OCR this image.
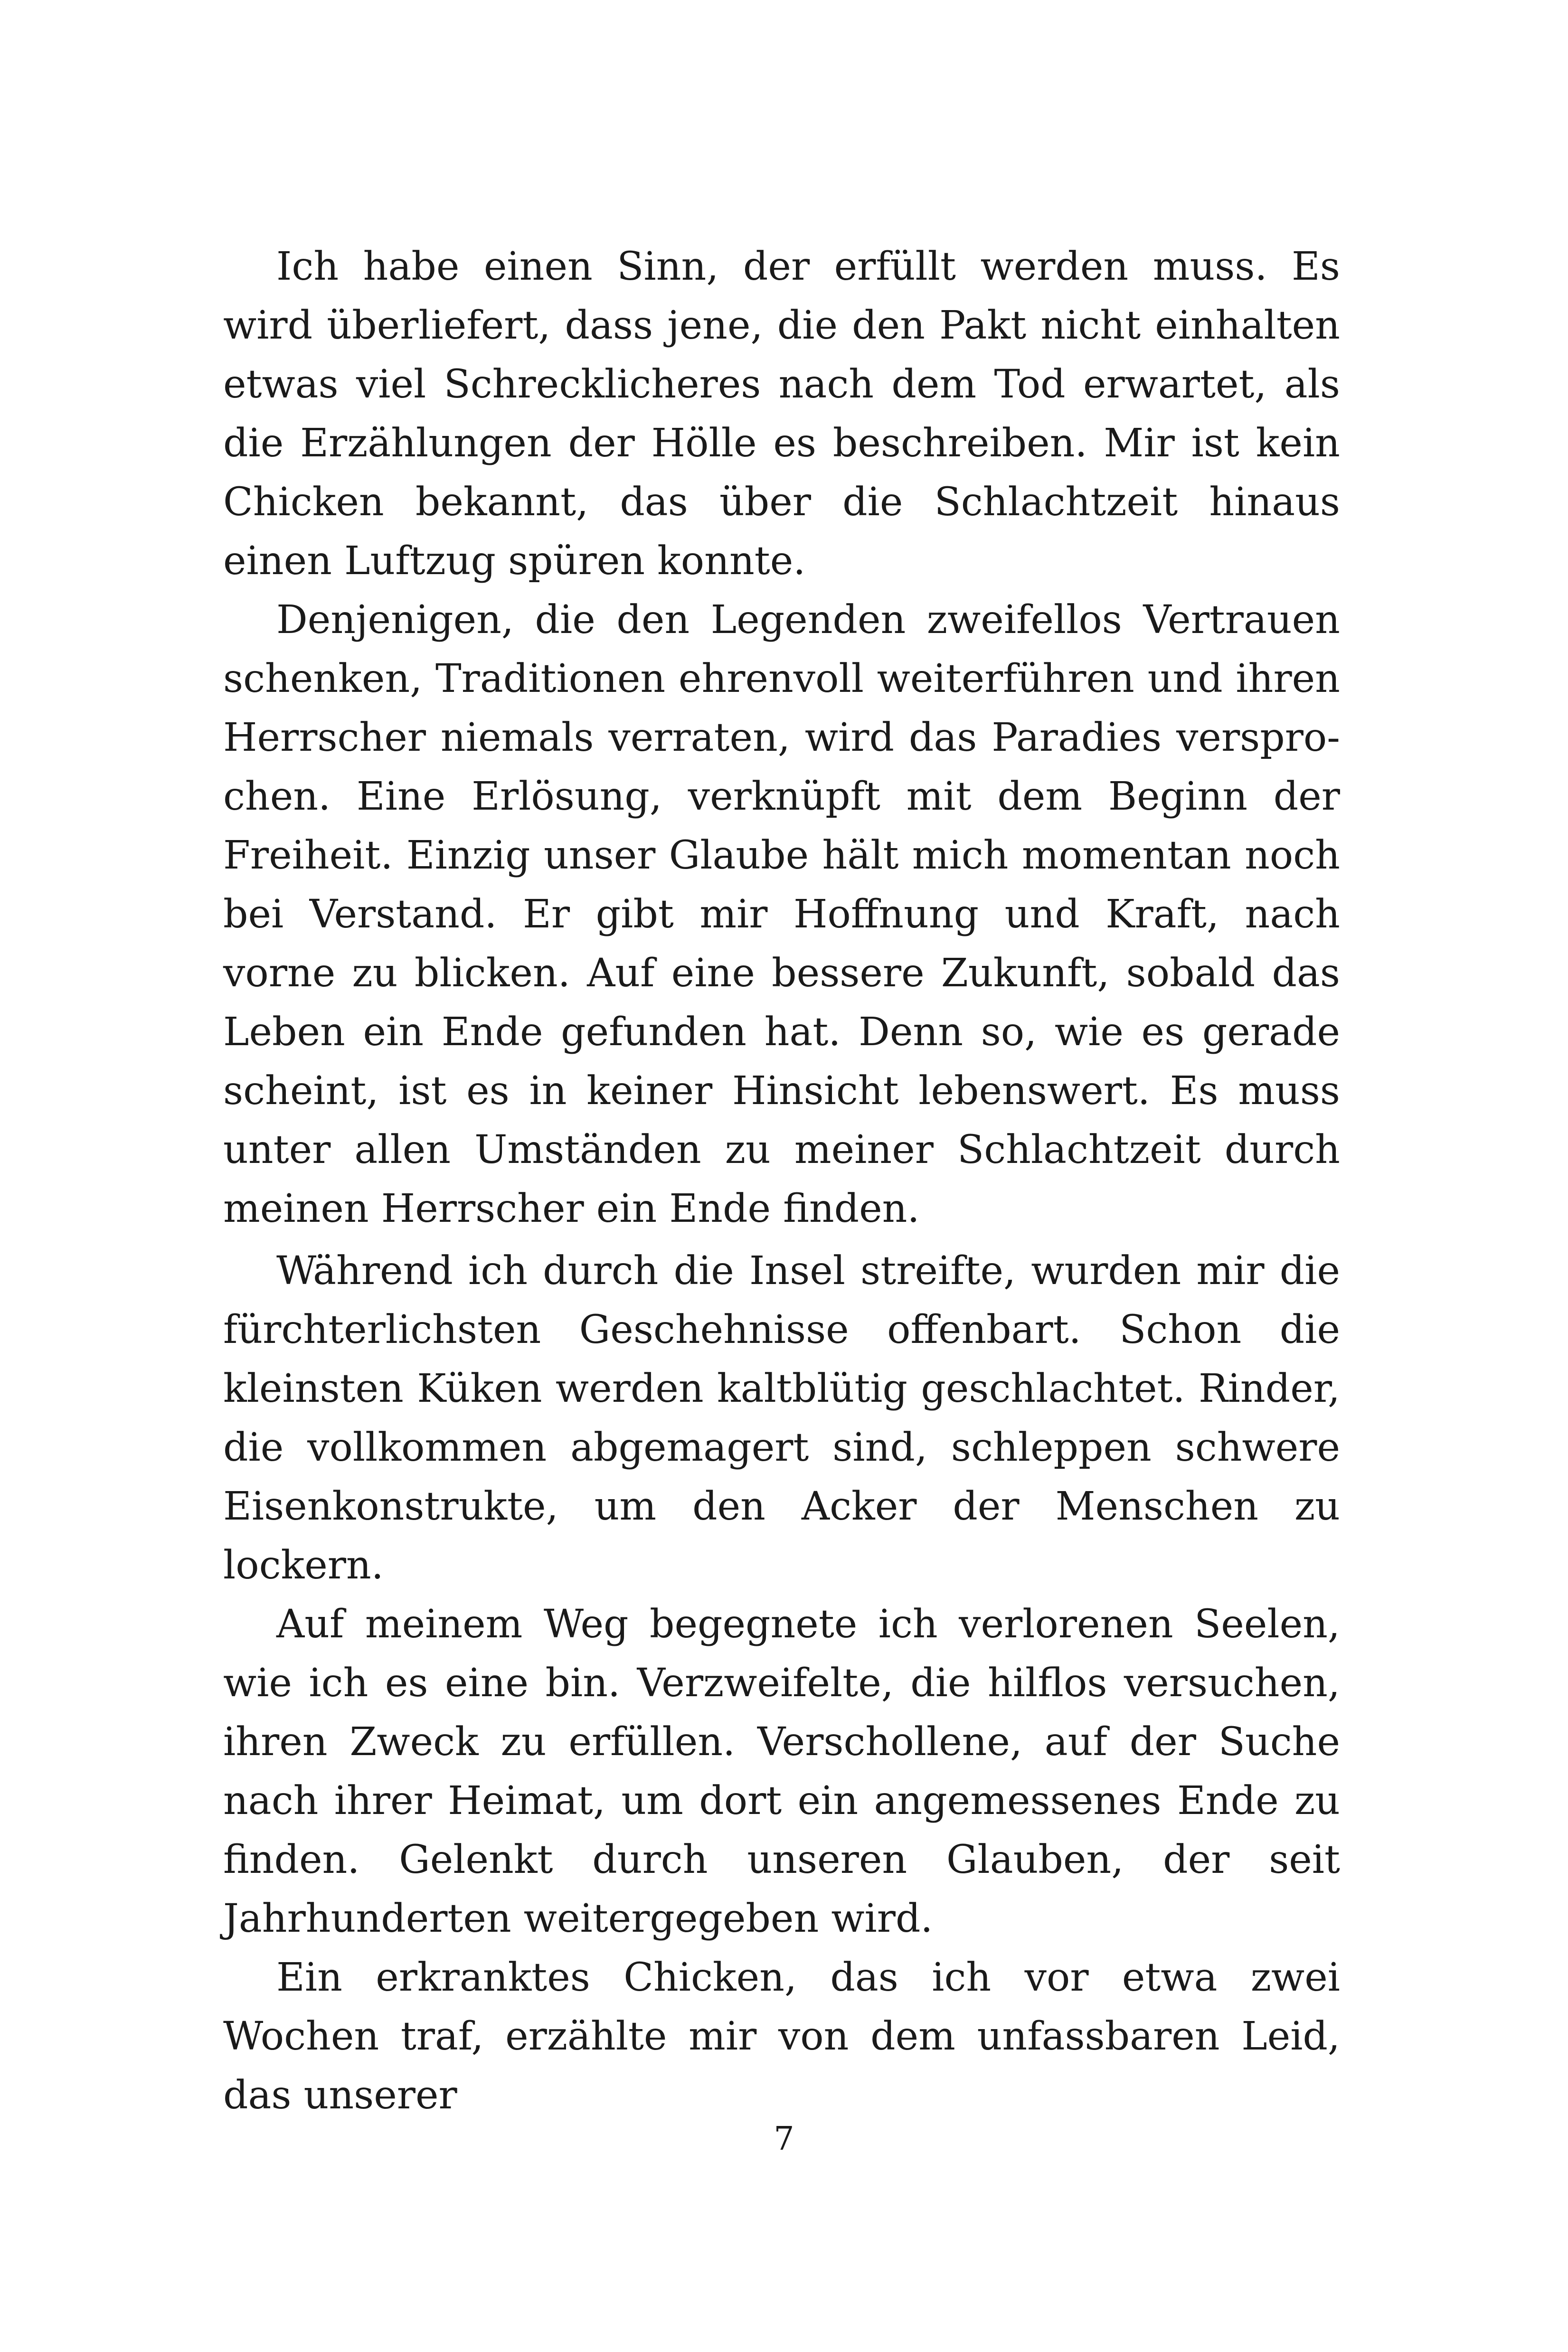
Ich habe einen Sinn, der erfüllt werden muss. Es wird überliefert, dass jene, die den Pakt nicht einhalten etwas viel Schrecklicheres nach dem Tod erwartet, als die Erzählungen der Hölle es beschreiben. Mir ist kein Chicken bekannt, das über die Schlachtzeit hinaus einen Luftzug spüren konnte.

Denjenigen, die den Legenden zweifellos Vertrauen schenken, Traditionen ehrenvoll weiterführen und ihren Herrscher niemals verraten, wird das Paradies versprochen. Eine Erlösung, verknüpft mit dem Beginn der Freiheit. Einzig unser Glaube hält mich momentan noch bei Verstand. Er gibt mir Hoffnung und Kraft, nach vorne zu blicken. Auf eine bessere Zukunft, sobald das Leben ein Ende gefunden hat. Denn so, wie es gerade scheint, ist es in keiner Hinsicht lebenswert. Es muss unter allen Umständen zu meiner Schlachtzeit durch meinen Herrscher ein Ende finden.

Während ich durch die Insel streifte, wurden mir die fürchterlichsten Geschehnisse offenbart. Schon die kleinsten Küken werden kaltblütig geschlachtet. Rinder, die vollkommen abgemagert sind, schleppen schwere Eisenkonstrukte, um den Acker der Menschen zu lockern.

Auf meinem Weg begegnete ich verlorenen Seelen, wie ich es eine bin. Verzweifelte, die hilflos versuchen, ihren Zweck zu erfüllen. Verschollene, auf der Suche nach ihrer Heimat, um dort ein angemessenes Ende zu finden. Gelenkt durch unseren Glauben, der seit Jahrhunderten weitergegeben wird.

Ein erkranktes Chicken, das ich vor etwa zwei Wochen traf, erzählte mir von dem unfassbaren Leid, das unserer

7
